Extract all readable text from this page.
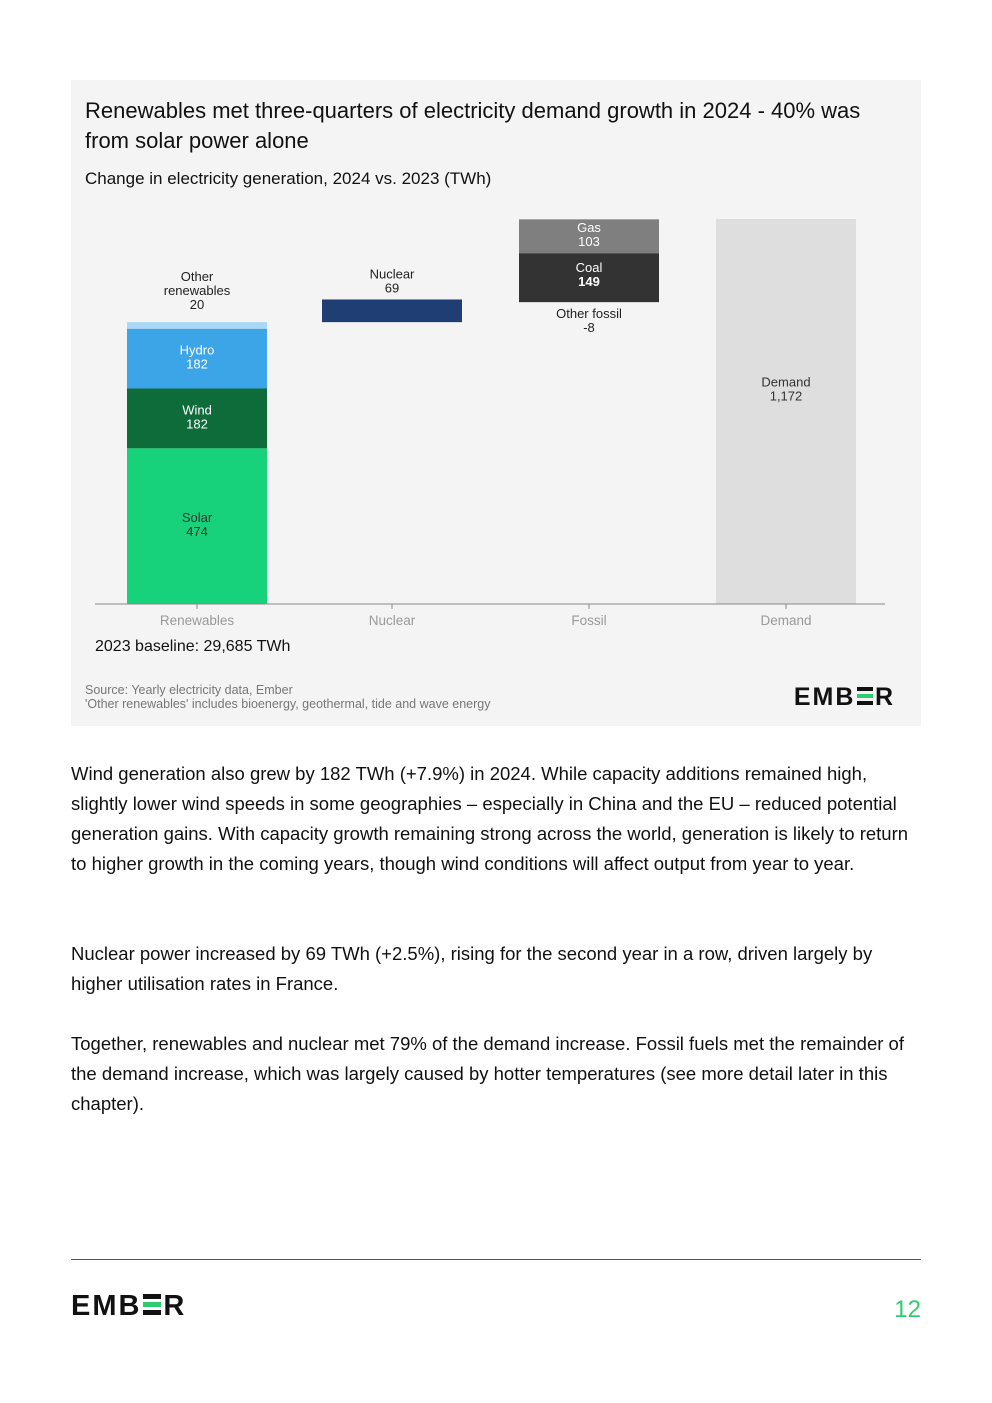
Renewables met three-quarters of electricity demand growth in 2024 - 40% was from solar power alone

Change in electricity generation, 2024 vs. 2023 (TWh)

Solar 474
Wind 182
Hydro 182
Other renewables 20
Nuclear 69
Other fossil -8
Coal 149
Gas 103
Demand 1,172
Renewables	Nuclear	Fossil	Demand

2023 baseline: 29,685 TWh

Source: Yearly electricity data, Ember
'Other renewables' includes bioenergy, geothermal, tide and wave energy	EMB R

Wind generation also grew by 182 TWh (+7.9%) in 2024. While capacity additions remained high, slightly lower wind speeds in some geographies – especially in China and the EU – reduced potential generation gains. With capacity growth remaining strong across the world, generation is likely to return to higher growth in the coming years, though wind conditions will affect output from year to year.

Nuclear power increased by 69 TWh (+2.5%), rising for the second year in a row, driven largely by higher utilisation rates in France.

Together, renewables and nuclear met 79% of the demand increase. Fossil fuels met the remainder of the demand increase, which was largely caused by hotter temperatures (see more detail later in this chapter).

EMB R	12
